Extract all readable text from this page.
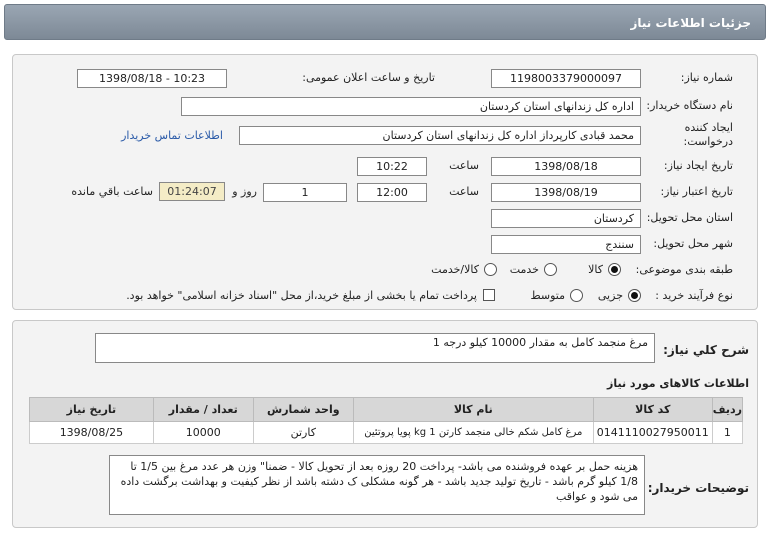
جزئيات اطلاعات نياز
شماره نیاز:
1198003379000097
تاریخ و ساعت اعلان عمومی:
1398/08/18 - 10:23
نام دستگاه خریدار:
اداره کل زندانهای استان کردستان
ایجاد کننده
درخواست:
محمد قبادی کارپرداز اداره کل زندانهای استان کردستان
اطلاعات تماس خریدار
تاریخ ایجاد نیاز:
1398/08/18
ساعت
10:22
تاریخ اعتبار نیاز:
1398/08/19
ساعت
12:00
1
روز و
01:24:07
ساعت باقي مانده
استان محل تحویل:
کردستان
شهر محل تحویل:
سنندج
طبقه بندی موضوعی:
کالا
خدمت
کالا/خدمت
نوع فرآیند خرید :
جزیی
متوسط
پرداخت تمام یا بخشی از مبلغ خرید،از محل "اسناد خزانه اسلامی" خواهد بود.
شرح کلي نياز:
مرغ منجمد کامل به مقدار 10000 کیلو درجه 1
اطلاعات کالاهای مورد نیاز
ردیف	کد کالا	نام کالا	واحد شمارش	تعداد / مقدار	تاریخ نیاز
1	0141110027950011	مرغ کامل شکم خالی منجمد کارتن 1 kg پویا پروتئین	کارتن	10000	1398/08/25
توضیحات خریدار:
هزینه حمل بر عهده فروشنده می باشد- پرداخت 20 روزه بعد از تحویل کالا - ضمنا" وزن هر عدد مرغ بین 1/5 تا 1/8 کیلو گرم باشد - تاریخ تولید جدید باشد - هر گونه مشکلی ک دشته باشد از نظر کیفیت و بهداشت برگشت داده می شود و عواقب
